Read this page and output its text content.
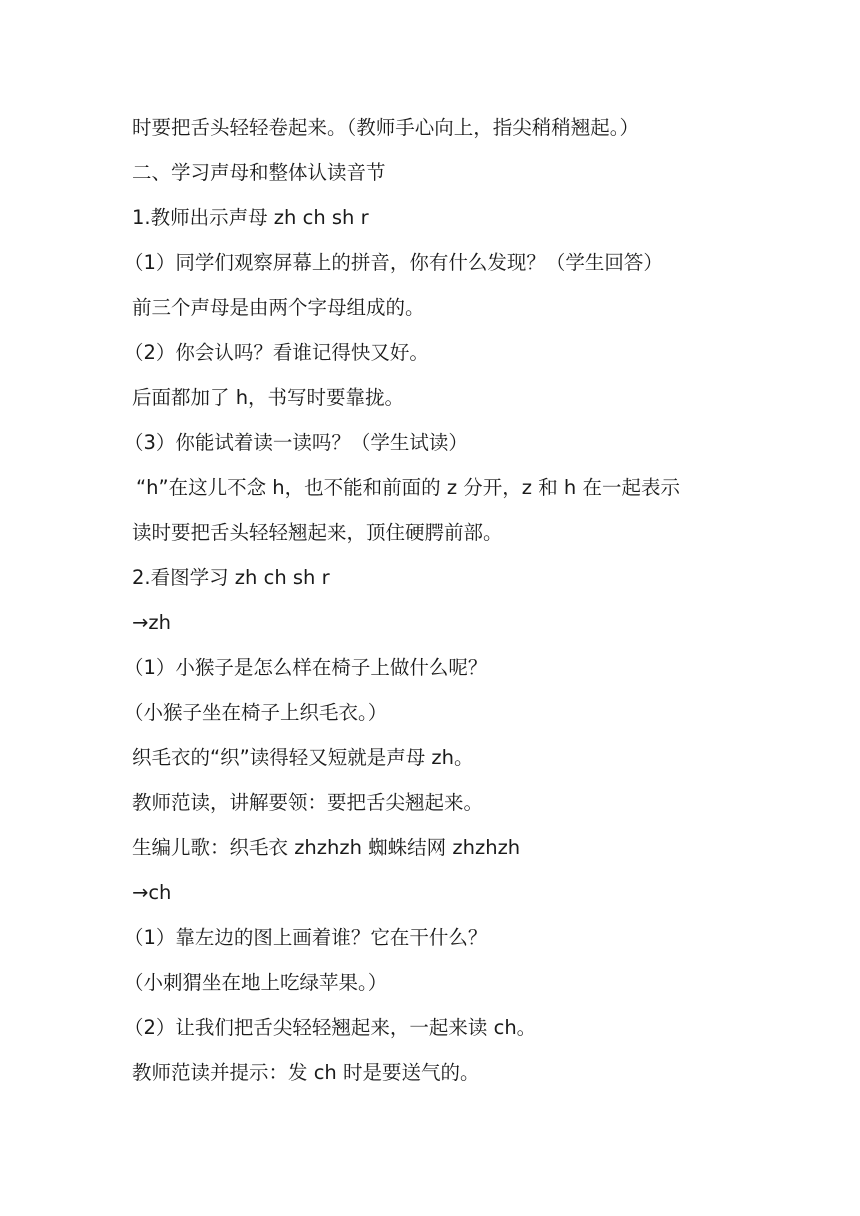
时要把舌头轻轻卷起来。（教师手心向上，指尖稍稍翘起。）
二、学习声母和整体认读音节
1.教师出示声母 zh ch sh r
（1）同学们观察屏幕上的拼音，你有什么发现？（学生回答）
前三个声母是由两个字母组成的。
（2）你会认吗？看谁记得快又好。
后面都加了 h，书写时要靠拢。
（3）你能试着读一读吗？（学生试读）
“h”在这儿不念 h，也不能和前面的 z 分开，z 和 h 在一起表示
读时要把舌头轻轻翘起来，顶住硬腭前部。
2.看图学习 zh ch sh r
→zh
（1）小猴子是怎么样在椅子上做什么呢？
（小猴子坐在椅子上织毛衣。）
织毛衣的“织”读得轻又短就是声母 zh。
教师范读，讲解要领：要把舌尖翘起来。
生编儿歌：织毛衣 zhzhzh 蜘蛛结网 zhzhzh
→ch
（1）靠左边的图上画着谁？它在干什么？
（小刺猬坐在地上吃绿苹果。）
（2）让我们把舌尖轻轻翘起来，一起来读 ch。
教师范读并提示：发 ch 时是要送气的。
